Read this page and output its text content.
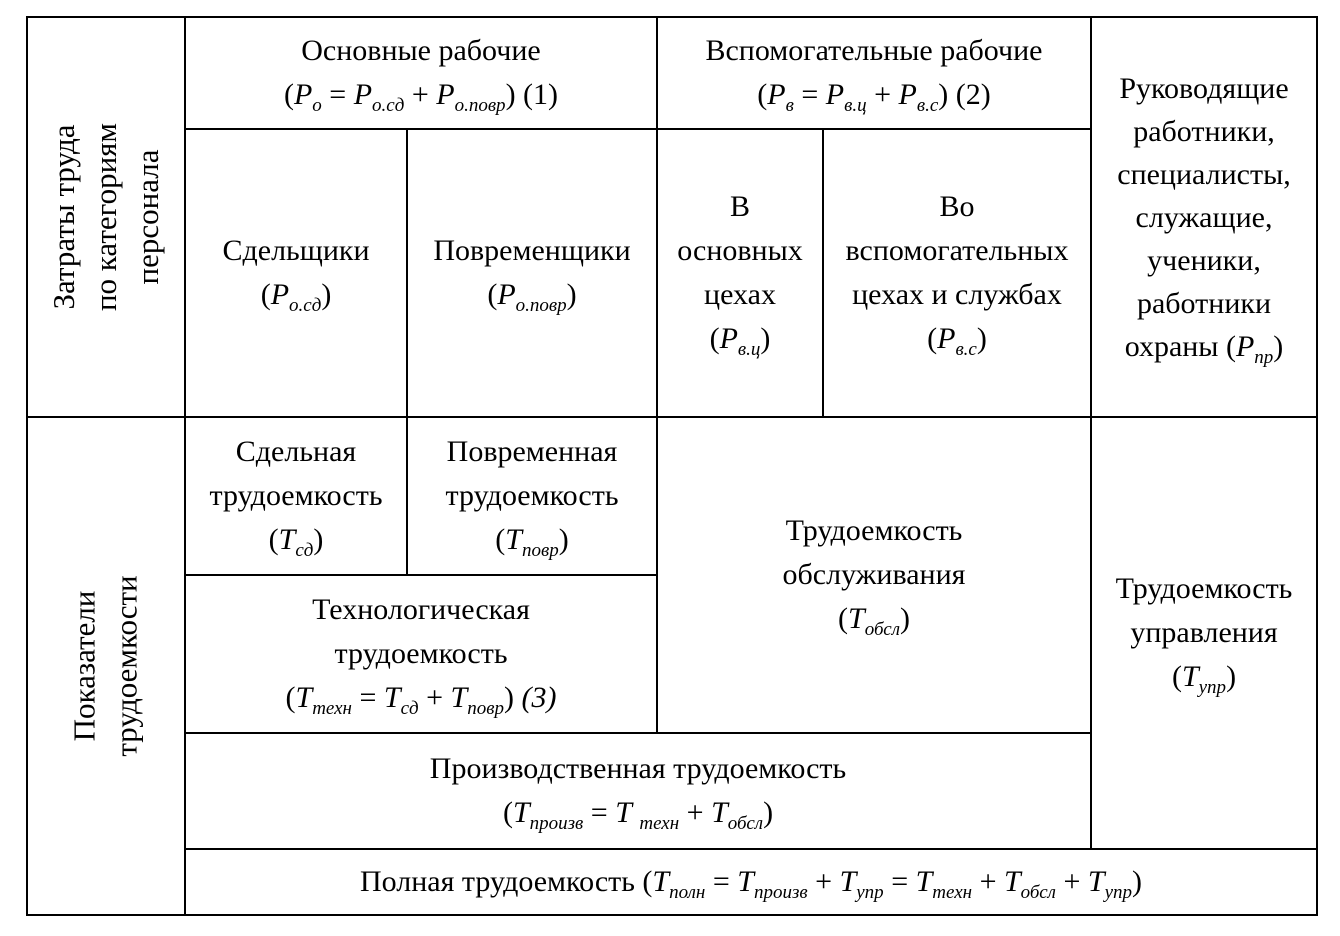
Затраты труда по категориям персонала
Показатели трудоемкости
Основные рабочие
$(P_о = P_{о.сд} + P_{о.повр})$ (1)
Вспомогательные рабочие
$(P_в = P_{в.ц} + P_{в.с})$ (2)	Руководящие
работники,
специалисты,
служащие,
ученики,
работники
охраны $(P_{пр})$
Сдельщики
$(P_{о.сд})$
Повременщики
$(P_{о.повр})$
В
основных
цехах
$(P_{в.ц})$
Во
вспомогательных
цехах и службах
$(P_{в.с})$
Сдельная
трудоемкость
$(T_{сд})$
Повременная
трудоемкость
$(T_{повр})$
Технологическая
трудоемкость
$(T_{техн} = T_{сд} + T_{повр})$ (3)
Трудоемкость
обслуживания
$(T_{обсл})$
Трудоемкость
управления
$(T_{упр})$
Производственная трудоемкость
($T_{произв} = T$ $_{техн} + T_{обсл}$)
Полная трудоемкость $(T_{полн} = T_{произв} + T_{упр} = T_{техн} + T_{обсл} + T_{упр})$
